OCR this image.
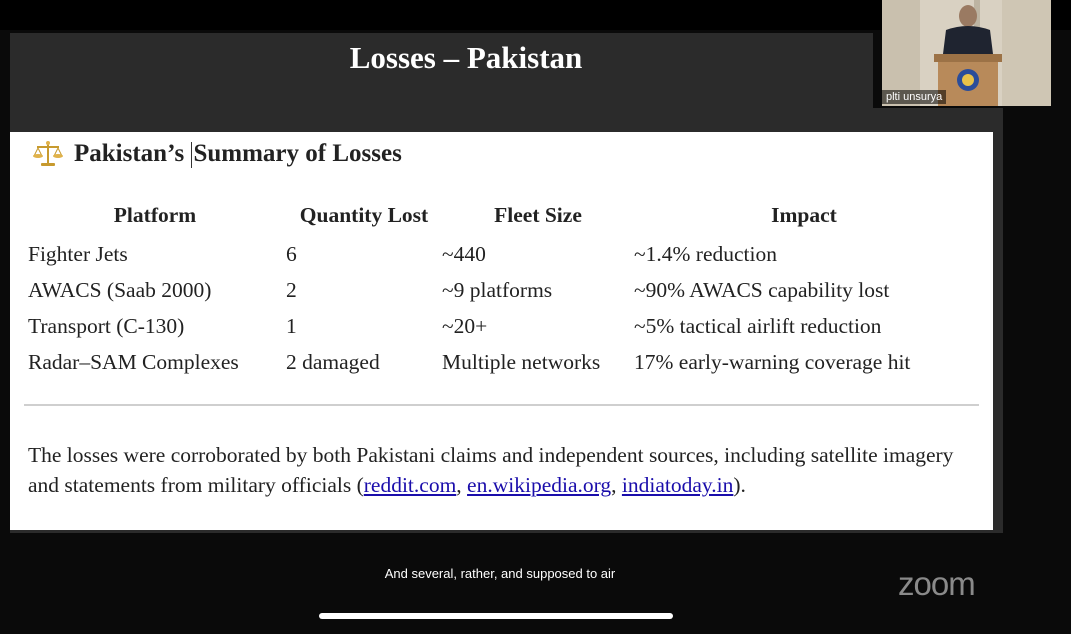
Losses – Pakistan
Pakistan’s Summary of Losses
Platform	Quantity Lost	Fleet Size	Impact
Fighter Jets	6	~440	~1.4% reduction
AWACS (Saab 2000)	2	~9 platforms	~90% AWACS capability lost
Transport (C-130)	1	~20+	~5% tactical airlift reduction
Radar–SAM Complexes	2 damaged	Multiple networks	17% early-warning coverage hit
The losses were corroborated by both Pakistani claims and independent sources, including satellite imagery and statements from military officials (reddit.com, en.wikipedia.org, indiatoday.in).
plti unsurya
And several, rather, and supposed to air	zoom
